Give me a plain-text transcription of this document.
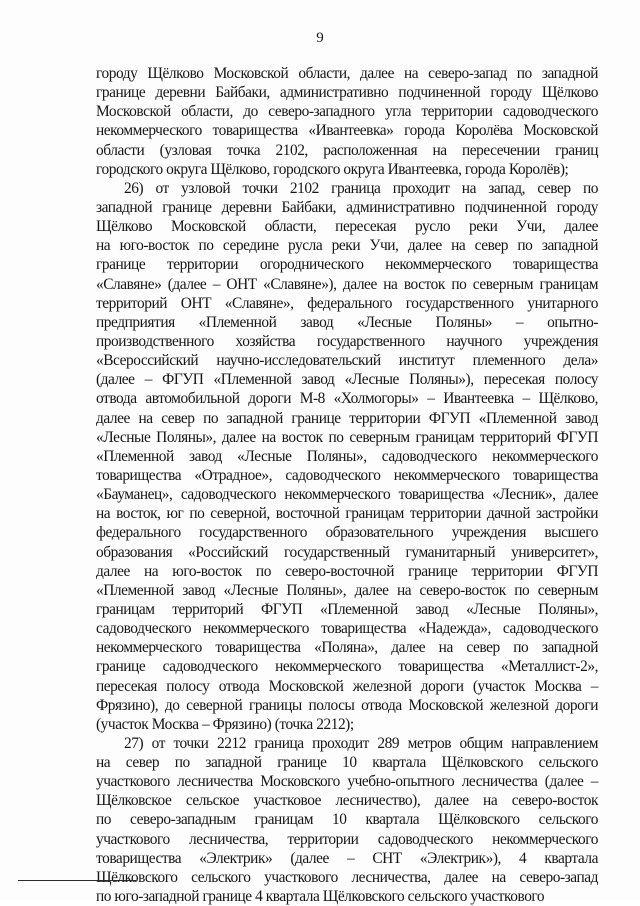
9
городу Щёлково Московской области, далее на северо-запад по западной
границе деревни Байбаки, административно подчиненной городу Щёлково
Московской области, до северо-западного угла территории садоводческого
некоммерческого товарищества «Ивантеевка» города Королёва Московской
области (узловая точка 2102, расположенная на пересечении границ
городского округа Щёлково, городского округа Ивантеевка, города Королёв);
26) от узловой точки 2102 граница проходит на запад, север по
западной границе деревни Байбаки, административно подчиненной городу
Щёлково Московской области, пересекая русло реки Учи, далее
на юго-восток по середине русла реки Учи, далее на север по западной
границе территории огороднического некоммерческого товарищества
«Славяне» (далее – ОНТ «Славяне»), далее на восток по северным границам
территорий ОНТ «Славяне», федерального государственного унитарного
предприятия «Племенной завод «Лесные Поляны» – опытно-
производственного хозяйства государственного научного учреждения
«Всероссийский научно-исследовательский институт племенного дела»
(далее – ФГУП «Племенной завод «Лесные Поляны»), пересекая полосу
отвода автомобильной дороги М-8 «Холмогоры» – Ивантеевка – Щёлково,
далее на север по западной границе территории ФГУП «Племенной завод
«Лесные Поляны», далее на восток по северным границам территорий ФГУП
«Племенной завод «Лесные Поляны», садоводческого некоммерческого
товарищества «Отрадное», садоводческого некоммерческого товарищества
«Бауманец», садоводческого некоммерческого товарищества «Лесник», далее
на восток, юг по северной, восточной границам территории дачной застройки
федерального государственного образовательного учреждения высшего
образования «Российский государственный гуманитарный университет»,
далее на юго-восток по северо-восточной границе территории ФГУП
«Племенной завод «Лесные Поляны», далее на северо-восток по северным
границам территорий ФГУП «Племенной завод «Лесные Поляны»,
садоводческого некоммерческого товарищества «Надежда», садоводческого
некоммерческого товарищества «Поляна», далее на север по западной
границе садоводческого некоммерческого товарищества «Металлист-2»,
пересекая полосу отвода Московской железной дороги (участок Москва –
Фрязино), до северной границы полосы отвода Московской железной дороги
(участок Москва – Фрязино) (точка 2212);
27) от точки 2212 граница проходит 289 метров общим направлением
на север по западной границе 10 квартала Щёлковского сельского
участкового лесничества Московского учебно-опытного лесничества (далее –
Щёлковское сельское участковое лесничество), далее на северо-восток
по северо-западным границам 10 квартала Щёлковского сельского
участкового лесничества, территории садоводческого некоммерческого
товарищества «Электрик» (далее – СНТ «Электрик»), 4 квартала
Щёлковского сельского участкового лесничества, далее на северо-запад
по юго-западной границе 4 квартала Щёлковского сельского участкового
